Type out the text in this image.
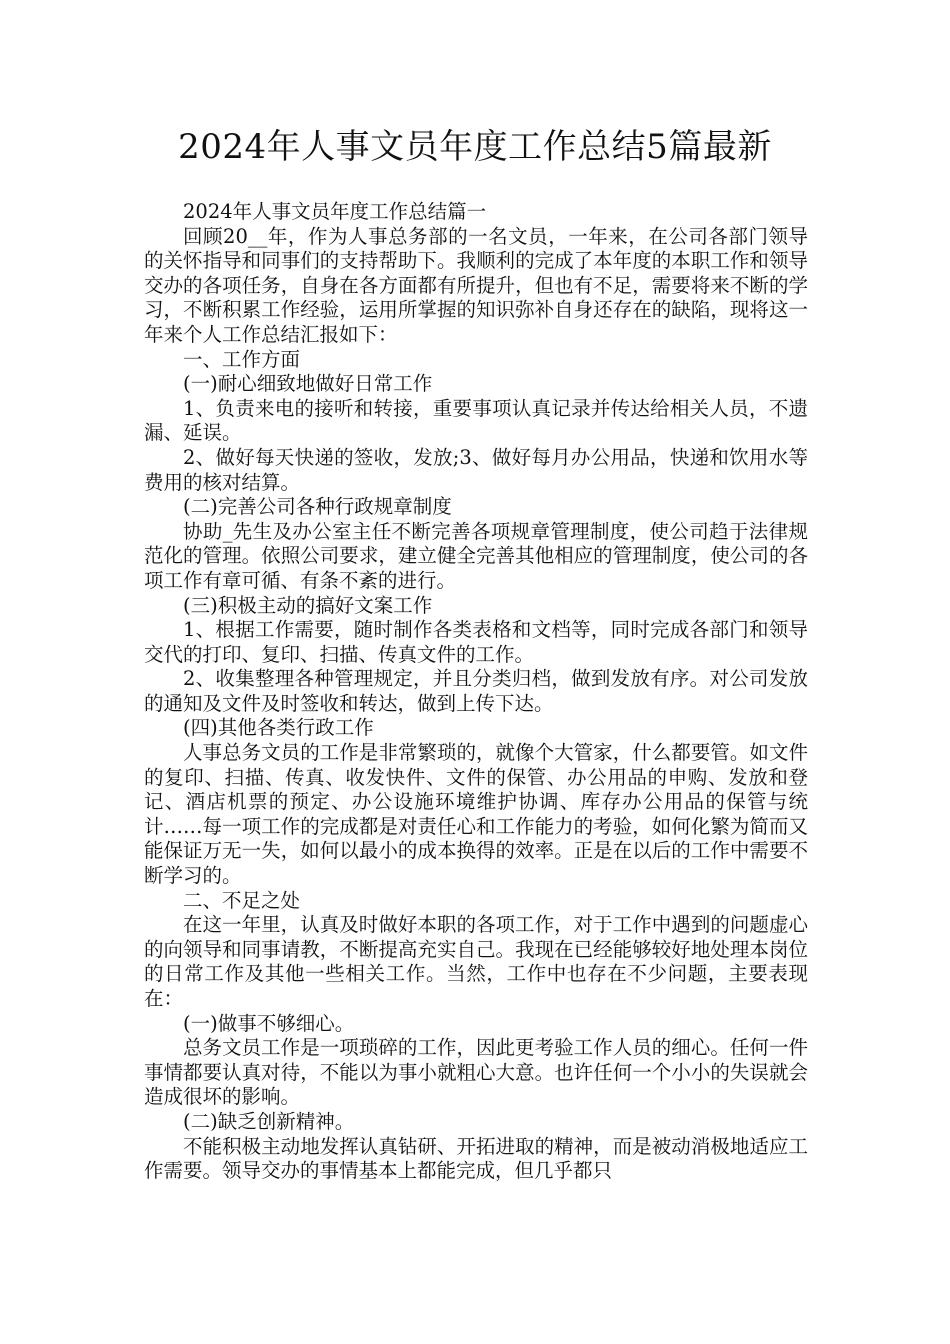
2024年人事文员年度工作总结5篇最新

2024年人事文员年度工作总结篇一

回顾20__年，作为人事总务部的一名文员，一年来，在公司各部门领导的关怀指导和同事们的支持帮助下。我顺利的完成了本年度的本职工作和领导交办的各项任务，自身在各方面都有所提升，但也有不足，需要将来不断的学习，不断积累工作经验，运用所掌握的知识弥补自身还存在的缺陷，现将这一年来个人工作总结汇报如下：

一、工作方面

(一)耐心细致地做好日常工作

1、负责来电的接听和转接，重要事项认真记录并传达给相关人员，不遗漏、延误。

2、做好每天快递的签收，发放;3、做好每月办公用品，快递和饮用水等费用的核对结算。

(二)完善公司各种行政规章制度

协助_先生及办公室主任不断完善各项规章管理制度，使公司趋于法律规范化的管理。依照公司要求，建立健全完善其他相应的管理制度，使公司的各项工作有章可循、有条不紊的进行。

(三)积极主动的搞好文案工作

1、根据工作需要，随时制作各类表格和文档等，同时完成各部门和领导交代的打印、复印、扫描、传真文件的工作。

2、收集整理各种管理规定，并且分类归档，做到发放有序。对公司发放的通知及文件及时签收和转达，做到上传下达。

(四)其他各类行政工作

人事总务文员的工作是非常繁琐的，就像个大管家，什么都要管。如文件的复印、扫描、传真、收发快件、文件的保管、办公用品的申购、发放和登记、酒店机票的预定、办公设施环境维护协调、库存办公用品的保管与统计……每一项工作的完成都是对责任心和工作能力的考验，如何化繁为简而又能保证万无一失，如何以最小的成本换得的效率。正是在以后的工作中需要不断学习的。

二、不足之处

在这一年里，认真及时做好本职的各项工作，对于工作中遇到的问题虚心的向领导和同事请教，不断提高充实自己。我现在已经能够较好地处理本岗位的日常工作及其他一些相关工作。当然，工作中也存在不少问题，主要表现在：

(一)做事不够细心。

总务文员工作是一项琐碎的工作，因此更考验工作人员的细心。任何一件事情都要认真对待，不能以为事小就粗心大意。也许任何一个小小的失误就会造成很坏的影响。

(二)缺乏创新精神。

不能积极主动地发挥认真钻研、开拓进取的精神，而是被动消极地适应工作需要。领导交办的事情基本上都能完成，但几乎都只
